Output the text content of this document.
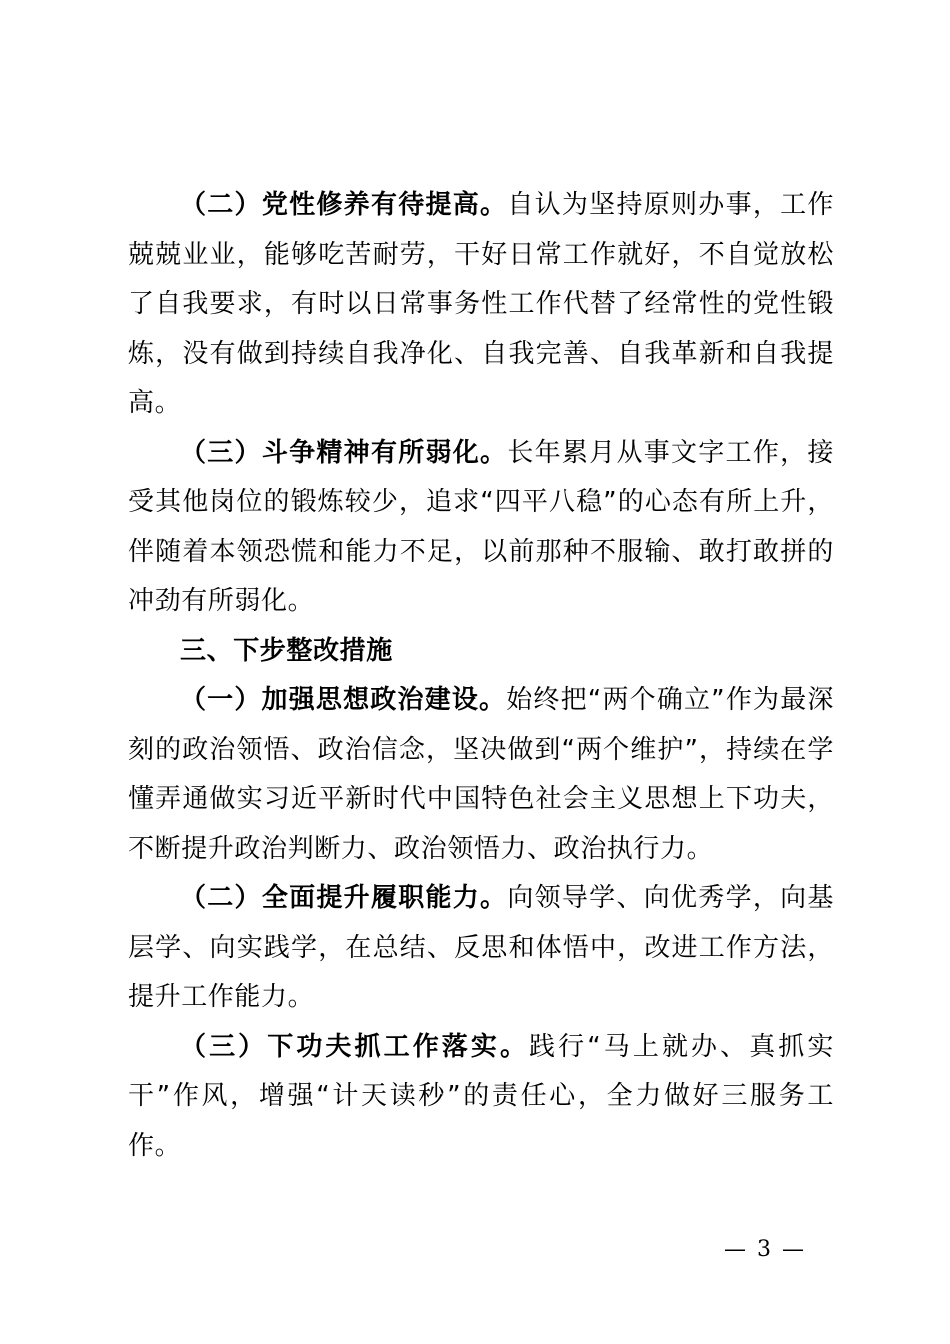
（二）党性修养有待提高。自认为坚持原则办事，工作兢兢业业，能够吃苦耐劳，干好日常工作就好，不自觉放松了自我要求，有时以日常事务性工作代替了经常性的党性锻炼，没有做到持续自我净化、自我完善、自我革新和自我提高。

（三）斗争精神有所弱化。长年累月从事文字工作，接受其他岗位的锻炼较少，追求“四平八稳”的心态有所上升，伴随着本领恐慌和能力不足，以前那种不服输、敢打敢拼的冲劲有所弱化。

三、下步整改措施

（一）加强思想政治建设。始终把“两个确立”作为最深刻的政治领悟、政治信念，坚决做到“两个维护”，持续在学懂弄通做实习近平新时代中国特色社会主义思想上下功夫，不断提升政治判断力、政治领悟力、政治执行力。

（二）全面提升履职能力。向领导学、向优秀学，向基层学、向实践学，在总结、反思和体悟中，改进工作方法，提升工作能力。

（三）下功夫抓工作落实。践行“马上就办、真抓实干”作风，增强“计天读秒”的责任心，全力做好三服务工作。

— 3 —
